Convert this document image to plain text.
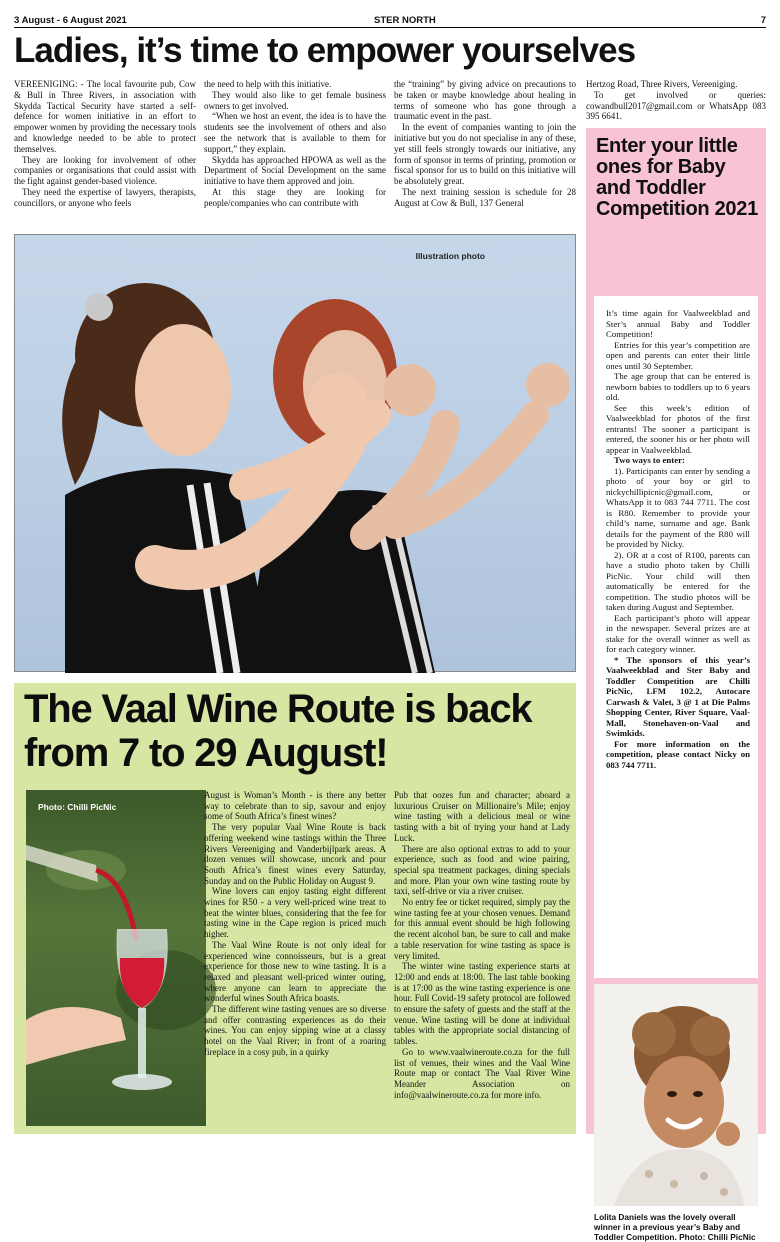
3 August - 6 August 2021	STER NORTH	7
Ladies, it’s time to empower yourselves

VEREENIGING: - The local favourite pub, Cow & Bull in Three Rivers, in association with Skydda Tactical Security have started a self-defence for women initiative in an effort to empower women by providing the necessary tools and knowledge needed to be able to protect themselves.

They are looking for involvement of other companies or organisations that could assist with the fight against gender-based violence.

They need the expertise of lawyers, therapists, councillors, or anyone who feels

the need to help with this initiative.

They would also like to get female business owners to get involved.

“When we host an event, the idea is to have the students see the involvement of others and also see the network that is available to them for support,” they explain.

Skydda has approached HPOWA as well as the Department of Social Development on the same initiative to have them approved and join.

At this stage they are looking for people/companies who can contribute with

the “training” by giving advice on precautions to be taken or maybe knowledge about healing in terms of someone who has gone through a traumatic event in the past.

In the event of companies wanting to join the initiative but you do not specialise in any of these, yet still feels strongly towards our initiative, any form of sponsor in terms of printing, promotion or fiscal sponsor for us to build on this initiative will be absolutely great.

The next training session is schedule for 28 August at Cow & Bull, 137 General

Hertzog Road, Three Rivers, Vereeniging.

To get involved or queries: cowandbull2017@gmail.com or WhatsApp 083 395 6641.

Illustration photo
The Vaal Wine Route is back from 7 to 29 August!
Photo: Chilli PicNic

August is Woman’s Month - is there any better way to celebrate than to sip, savour and enjoy some of South Africa’s finest wines?

The very popular Vaal Wine Route is back offering weekend wine tastings within the Three Rivers Vereeniging and Vanderbijlpark areas. A dozen venues will showcase, uncork and pour South Africa’s finest wines every Saturday, Sunday and on the Public Holiday on August 9.

Wine lovers can enjoy tasting eight different wines for R50 - a very well-priced wine treat to beat the winter blues, considering that the fee for tasting wine in the Cape region is priced much higher.

The Vaal Wine Route is not only ideal for experienced wine connoisseurs, but is a great experience for those new to wine tasting. It is a relaxed and pleasant well-priced winter outing, where anyone can learn to appreciate the wonderful wines South Africa boasts.

The different wine tasting venues are so diverse and offer contrasting experiences as do their wines. You can enjoy sipping wine at a classy hotel on the Vaal River; in front of a roaring fireplace in a cosy pub, in a quirky

Pub that oozes fun and character; aboard a luxurious Cruiser on Millionaire’s Mile; enjoy wine tasting with a delicious meal or wine tasting with a bit of trying your hand at Lady Luck.

There are also optional extras to add to your experience, such as food and wine pairing, special spa treatment packages, dining specials and more. Plan your own wine tasting route by taxi, self-drive or via a river cruiser.

No entry fee or ticket required, simply pay the wine tasting fee at your chosen venues. Demand for this annual event should be high following the recent alcohol ban, be sure to call and make a table reservation for wine tasting as space is very limited.

The winter wine tasting experience starts at 12:00 and ends at 18:00. The last table booking is at 17:00 as the wine tasting experience is one hour. Full Covid-19 safety protocol are followed to ensure the safety of guests and the staff at the venue. Wine tasting will be done at individual tables with the appropriate social distancing of tables.

Go to www.vaalwineroute.co.za for the full list of venues, their wines and the Vaal Wine Route map or contact The Vaal River Wine Meander Association on info@vaalwineroute.co.za for more info.

Enter your little ones for Baby and Toddler Competition 2021

It’s time again for Vaalweekblad and Ster’s annual Baby and Toddler Competition!

Entries for this year’s competition are open and parents can enter their little ones until 30 September.

The age group that can be entered is newborn babies to toddlers up to 6 years old.

See this week’s edition of Vaalweekblad for photos of the first entrants! The sooner a participant is entered, the sooner his or her photo will appear in Vaalweekblad.

Two ways to enter:

1). Participants can enter by sending a photo of your boy or girl to nickychillipicnic@gmail.com, or WhatsApp it to 083 744 7711. The cost is R80. Remember to provide your child’s name, surname and age. Bank details for the payment of the R80 will be provided by Nicky.

2). OR at a cost of R100, parents can have a studio photo taken by Chilli PicNic. Your child will then automatically be entered for the competition. The studio photos will be taken during August and September.

Each participant’s photo will appear in the newspaper. Several prizes are at stake for the overall winner as well as for each category winner.

* The sponsors of this year’s Vaalweekblad and Ster Baby and Toddler Competition are Chilli PicNic, LFM 102.2, Autocare Carwash & Valet, 3 @ 1 at Die Palms Shopping Center, River Square, Vaal-Mall, Stonehaven-on-Vaal and Swimkids.

For more information on the competition, please contact Nicky on 083 744 7711.

Lolita Daniels was the lovely overall winner in a previous year’s Baby and Toddler Competition. Photo: Chilli PicNic
